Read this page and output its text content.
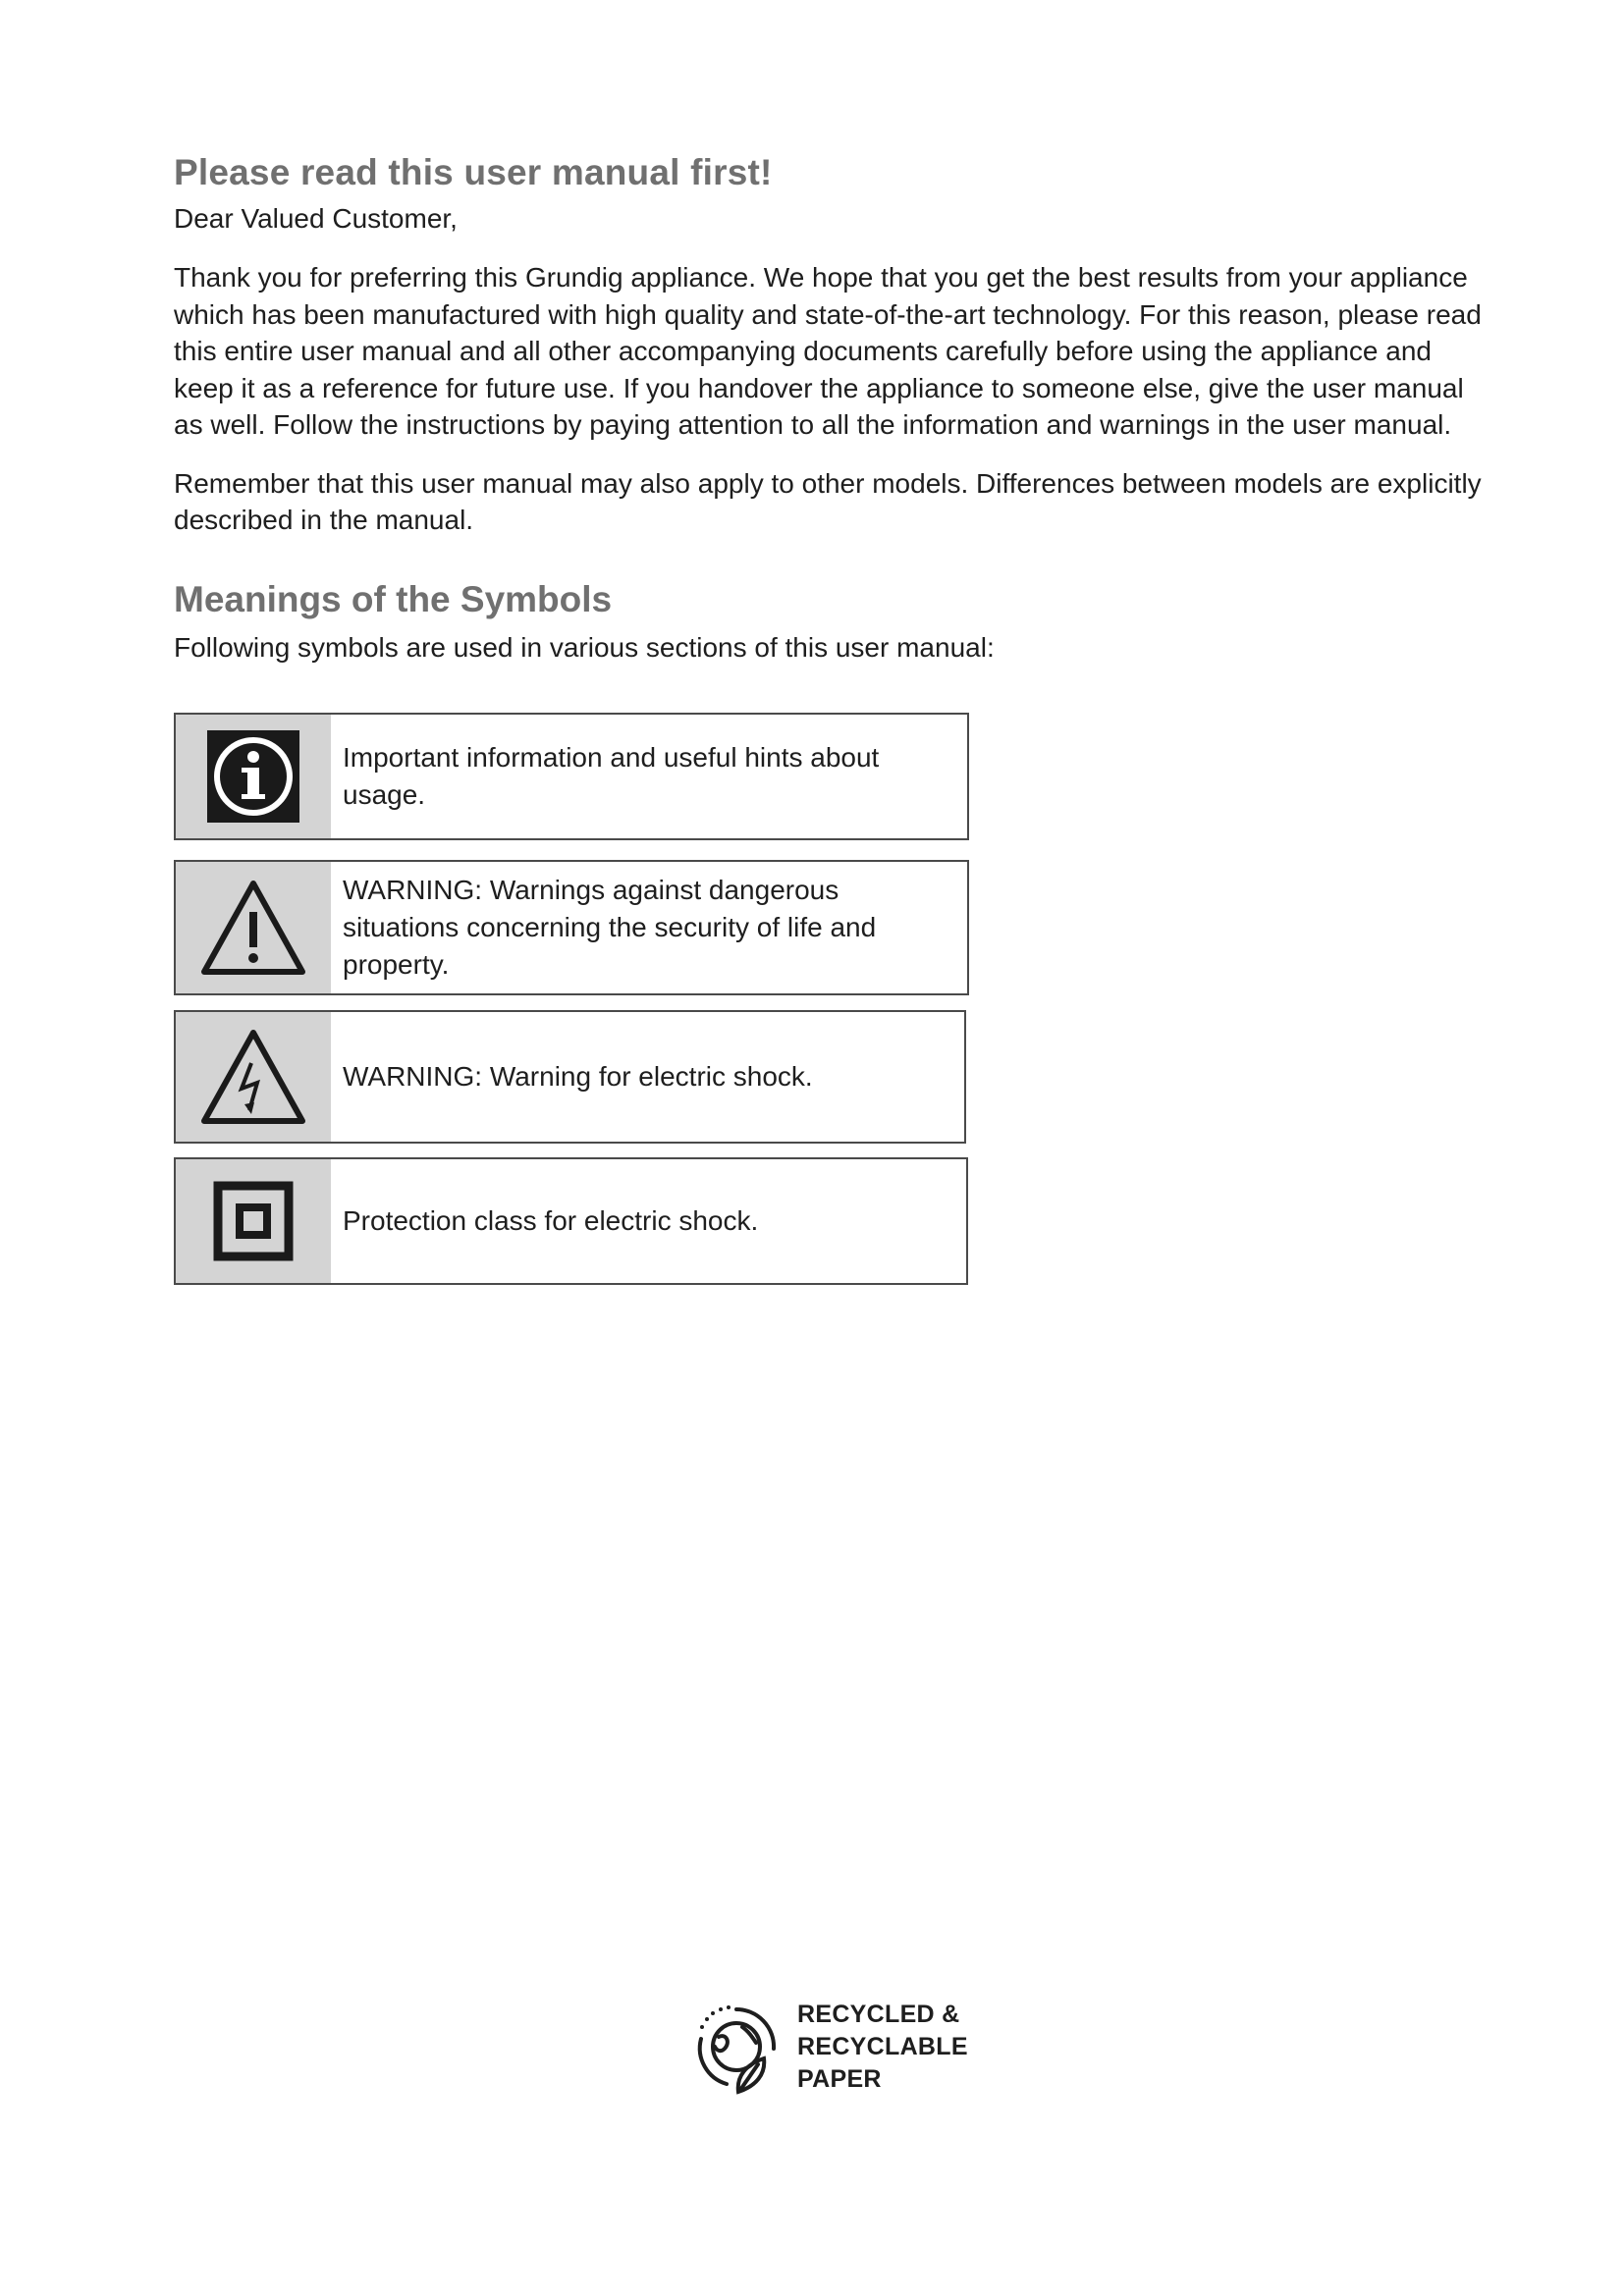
Please read this user manual first!
Dear Valued Customer,

Thank you for preferring this Grundig appliance. We hope that you get the best results from your appliance which has been manufactured with high quality and state-of-the-art technology. For this reason, please read this entire user manual and all other accompanying documents carefully before using the appliance and keep it as a reference for future use. If you handover the appliance to someone else, give the user manual as well. Follow the instructions by paying attention to all the information and warnings in the user manual.

Remember that this user manual may also apply to other models. Differences between models are explicitly described in the manual.

Meanings of the Symbols
Following symbols are used in various sections of this user manual:
Important information and useful hints about usage.
WARNING: Warnings against dangerous situations concerning the security of life and property.
WARNING: Warning for electric shock.
Protection class for electric shock.
RECYCLED &
RECYCLABLE
PAPER
